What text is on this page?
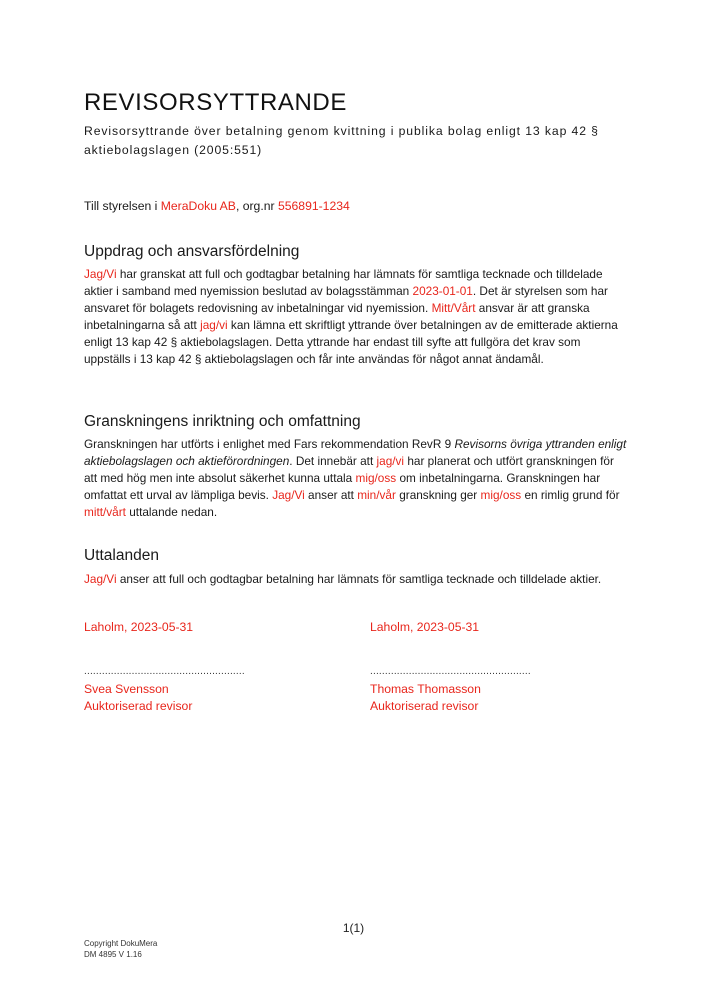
REVISORSYTTRANDE

Revisorsyttrande över betalning genom kvittning i publika bolag enligt 13 kap 42 § aktiebolagslagen (2005:551)

Till styrelsen i MeraDoku AB, org.nr 556891-1234

Uppdrag och ansvarsfördelning

Jag/Vi har granskat att full och godtagbar betalning har lämnats för samtliga tecknade och tilldelade aktier i samband med nyemission beslutad av bolagsstämman 2023-01-01. Det är styrelsen som har ansvaret för bolagets redovisning av inbetalningar vid nyemission. Mitt/Vårt ansvar är att granska inbetalningarna så att jag/vi kan lämna ett skriftligt yttrande över betalningen av de emitterade aktierna enligt 13 kap 42 § aktiebolagslagen. Detta yttrande har endast till syfte att fullgöra det krav som uppställs i 13 kap 42 § aktiebolagslagen och får inte användas för något annat ändamål.

Granskningens inriktning och omfattning

Granskningen har utförts i enlighet med Fars rekommendation RevR 9 Revisorns övriga yttranden enligt aktiebolagslagen och aktieförordningen. Det innebär att jag/vi har planerat och utfört granskningen för att med hög men inte absolut säkerhet kunna uttala mig/oss om inbetalningarna. Granskningen har omfattat ett urval av lämpliga bevis. Jag/Vi anser att min/vår granskning ger mig/oss en rimlig grund för mitt/vårt uttalande nedan.

Uttalanden

Jag/Vi anser att full och godtagbar betalning har lämnats för samtliga tecknade och tilldelade aktier.

Laholm, 2023-05-31
......................................................
Svea Svensson
Auktoriserad revisor
Laholm, 2023-05-31
......................................................
Thomas Thomasson
Auktoriserad revisor
1(1)
Copyright DokuMera
DM 4895 V 1.16
